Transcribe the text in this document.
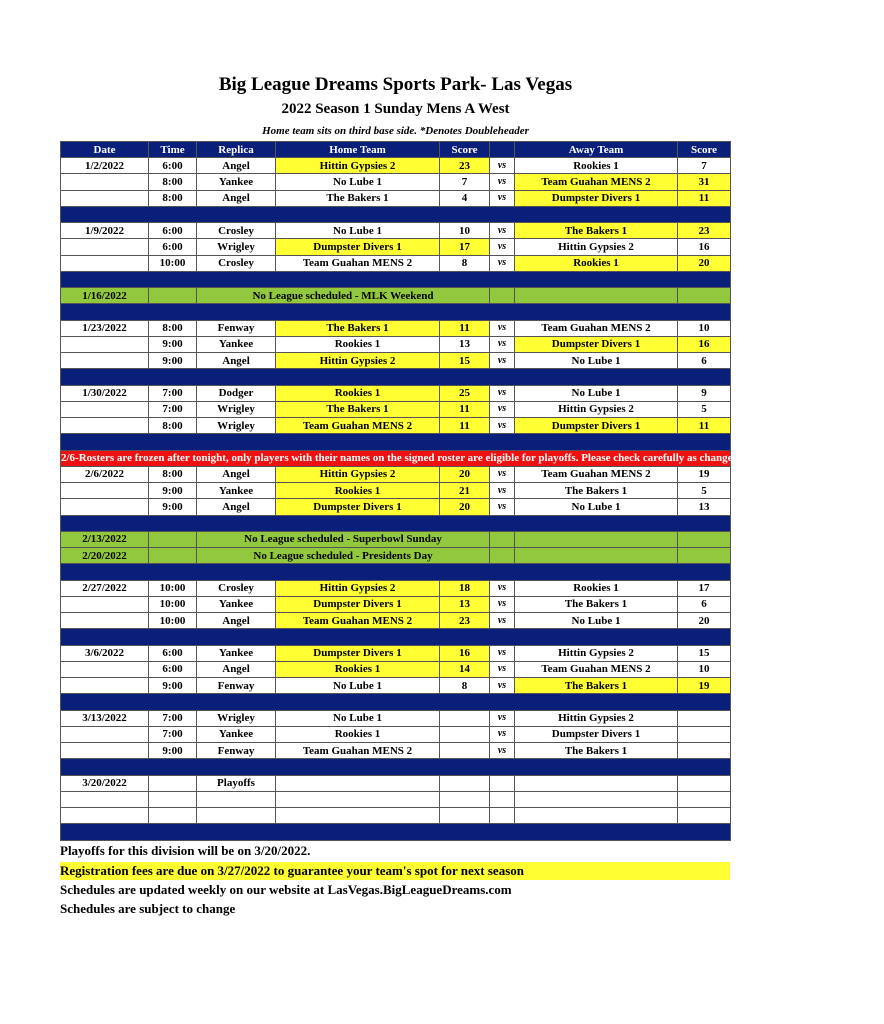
Big League Dreams Sports Park- Las Vegas
2022 Season 1 Sunday Mens A West
Home team sits on third base side. *Denotes Doubleheader
Date	Time	Replica	Home Team	Score		Away Team	Score
1/2/2022	6:00	Angel	Hittin Gypsies 2	23	vs	Rookies 1	7
	8:00	Yankee	No Lube 1	7	vs	Team Guahan MENS 2	31
	8:00	Angel	The Bakers 1	4	vs	Dumpster Divers 1	11

1/9/2022	6:00	Crosley	No Lube 1	10	vs	The Bakers 1	23
	6:00	Wrigley	Dumpster Divers 1	17	vs	Hittin Gypsies 2	16
	10:00	Crosley	Team Guahan MENS 2	8	vs	Rookies 1	20

1/16/2022		No League scheduled - MLK Weekend					

1/23/2022	8:00	Fenway	The Bakers 1	11	vs	Team Guahan MENS 2	10
	9:00	Yankee	Rookies 1	13	vs	Dumpster Divers 1	16
	9:00	Angel	Hittin Gypsies 2	15	vs	No Lube 1	6

1/30/2022	7:00	Dodger	Rookies 1	25	vs	No Lube 1	9
	7:00	Wrigley	The Bakers 1	11	vs	Hittin Gypsies 2	5
	8:00	Wrigley	Team Guahan MENS 2	11	vs	Dumpster Divers 1	11

2/6-Rosters are frozen after tonight, only players with their names on the signed roster are eligible for playoffs. Please check carefully as changes will not be made for omissions.							
2/6/2022	8:00	Angel	Hittin Gypsies 2	20	vs	Team Guahan MENS 2	19
	9:00	Yankee	Rookies 1	21	vs	The Bakers 1	5
	9:00	Angel	Dumpster Divers 1	20	vs	No Lube 1	13

2/13/2022		No League scheduled - Superbowl Sunday					
2/20/2022		No League scheduled - Presidents Day					

2/27/2022	10:00	Crosley	Hittin Gypsies 2	18	vs	Rookies 1	17
	10:00	Yankee	Dumpster Divers 1	13	vs	The Bakers 1	6
	10:00	Angel	Team Guahan MENS 2	23	vs	No Lube 1	20

3/6/2022	6:00	Yankee	Dumpster Divers 1	16	vs	Hittin Gypsies 2	15
	6:00	Angel	Rookies 1	14	vs	Team Guahan MENS 2	10
	9:00	Fenway	No Lube 1	8	vs	The Bakers 1	19

3/13/2022	7:00	Wrigley	No Lube 1		vs	Hittin Gypsies 2	
	7:00	Yankee	Rookies 1		vs	Dumpster Divers 1	
	9:00	Fenway	Team Guahan MENS 2		vs	The Bakers 1	

3/20/2022		Playoffs					

Playoffs for this division will be on 3/20/2022.
Registration fees are due on 3/27/2022 to guarantee your team's spot for next season
Schedules are updated weekly on our website at LasVegas.BigLeagueDreams.com
Schedules are subject to change
